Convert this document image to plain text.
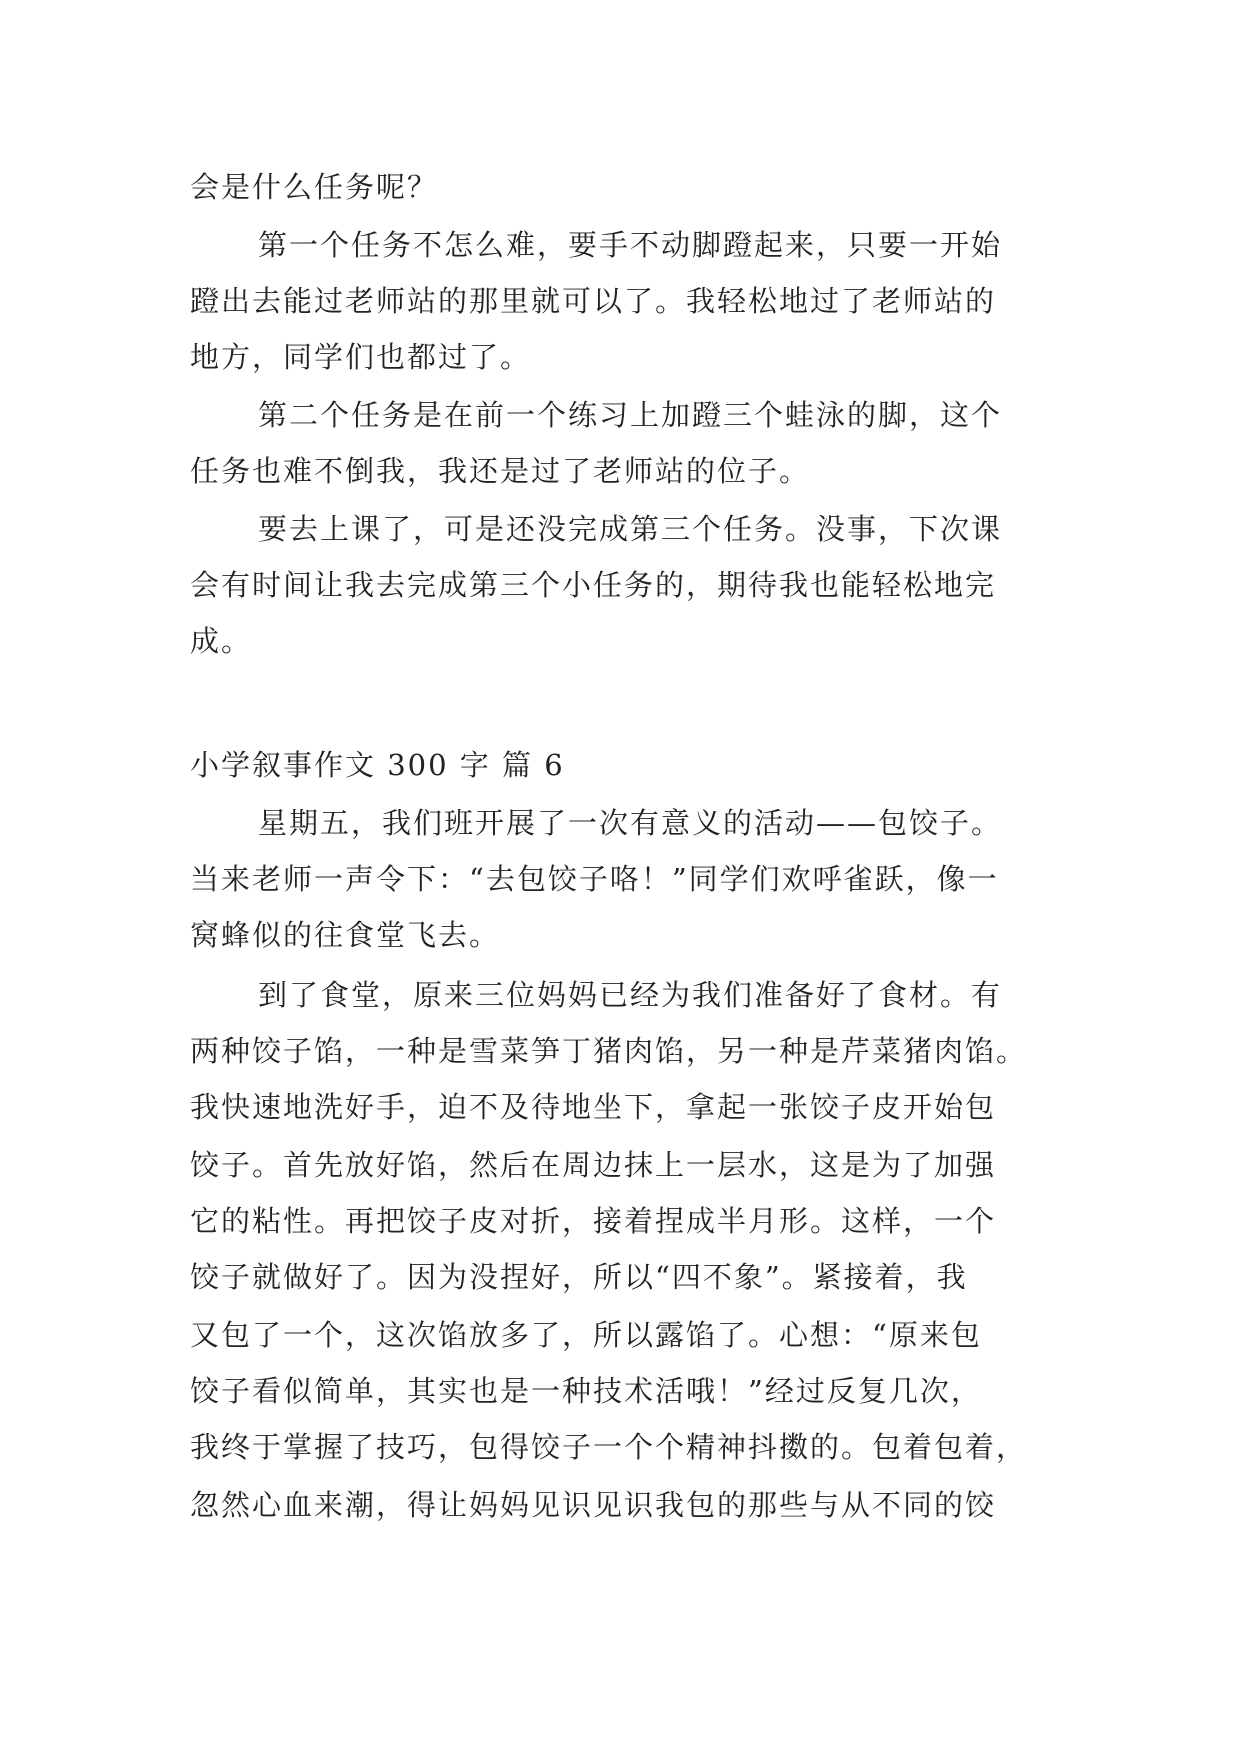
会是什么任务呢？
第一个任务不怎么难，要手不动脚蹬起来，只要一开始
蹬出去能过老师站的那里就可以了。我轻松地过了老师站的
地方，同学们也都过了。
第二个任务是在前一个练习上加蹬三个蛙泳的脚，这个
任务也难不倒我，我还是过了老师站的位子。
要去上课了，可是还没完成第三个任务。没事，下次课
会有时间让我去完成第三个小任务的，期待我也能轻松地完
成。
小学叙事作文 300 字 篇 6
星期五，我们班开展了一次有意义的活动——包饺子。
当来老师一声令下：“去包饺子咯！”同学们欢呼雀跃，像一
窝蜂似的往食堂飞去。
到了食堂，原来三位妈妈已经为我们准备好了食材。有
两种饺子馅，一种是雪菜笋丁猪肉馅，另一种是芹菜猪肉馅。
我快速地洗好手，迫不及待地坐下，拿起一张饺子皮开始包
饺子。首先放好馅，然后在周边抹上一层水，这是为了加强
它的粘性。再把饺子皮对折，接着捏成半月形。这样，一个
饺子就做好了。因为没捏好，所以“四不象”。紧接着，我
又包了一个，这次馅放多了，所以露馅了。心想：“原来包
饺子看似简单，其实也是一种技术活哦！”经过反复几次，
我终于掌握了技巧，包得饺子一个个精神抖擞的。包着包着，
忽然心血来潮，得让妈妈见识见识我包的那些与从不同的饺
